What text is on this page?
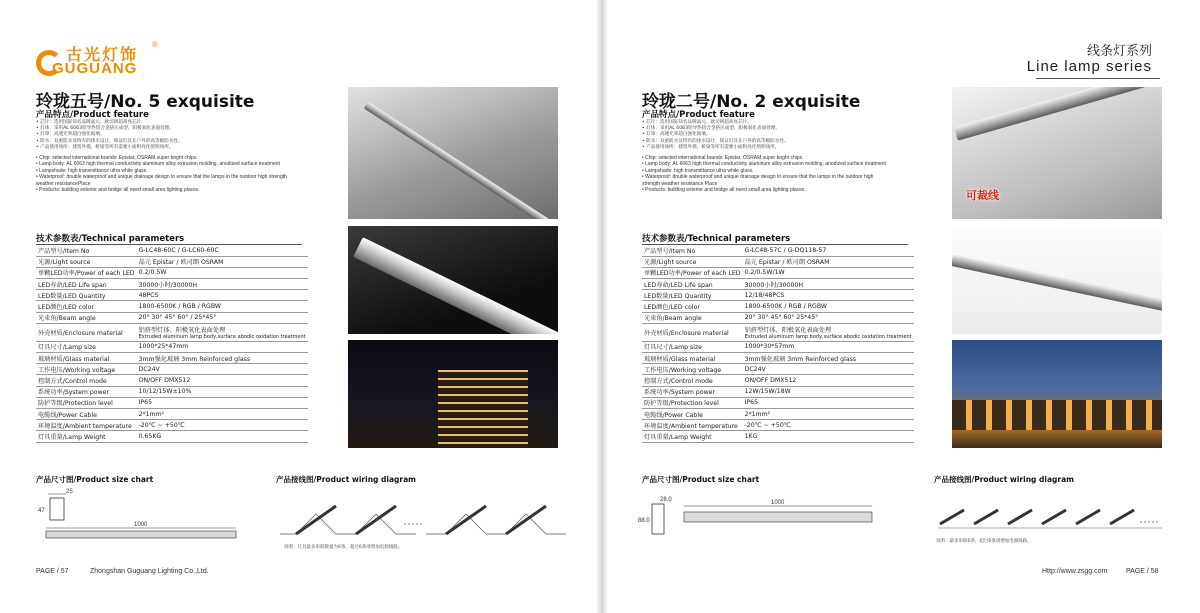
古光灯饰
®
GUGUANG
玲珑五号/No. 5 exquisite
产品特点/Product feature
• 芯片：选用国际知名品牌晶元、欧司朗超高亮芯片。
• 灯体：采用AL 6063铝导热铝合金挤压成型、阳极氧化表面处理。
• 灯罩：高透光率超白强化玻璃。
• 防水：双重防水及特有的排水设计，保证灯具在户外的高等级防水性。
• 产品使用场所：建筑外墙、桥梁等所有需要小面积亮化照明场所。
• Chip: selected international brands: Epistar, OSRAM,super bright chips.
• Lamp body: AL 6063 high thermal conductivity aluminum alloy extrusion molding, anodized surface treatment
• Lampshade: high transmittance ultra white glass.
• Waterproof: double waterproof and unique drainage design to ensure that the lamps in the outdoor high strength
weather resistancePlace
• Products: building exterior and bridge all need small area lighting places.
技术参数表/Technical parameters
产品型号/Item No	G-LC48-60C / G-LC60-60C
光源/Light source	晶元 Epistar / 欧司朗 OSRAM
单颗LED功率/Power of each LED	0.2/0.5W
LED寿命/LED Life span	30000小时/30000H
LED数量/LED Quantity	48PCS
LED颜色/LED color	1800-6500K / RGB / RGBW
光束角/Beam angle	20° 30° 45° 60° / 25*45°
外壳材质/Enclosure material	铝挤型灯体、阳极氧化表面处理
Extruded aluminum lamp body,surface abodic oxidation treatment

灯具尺寸/Lamp size	1000*25*47mm
玻璃材质/Glass material	3mm强化玻璃 3mm Reinforced glass
工作电压/Working voltage	DC24V
控制方式/Control mode	ON/OFF DMX512
系统功率/System power	10/12/15W±10%
防护等级/Protection level	IP65
电缆线/Power Cable	2*1mm²
环境温度/Ambient temperature	-20℃ ~ +50℃
灯具重量/Lamp Weight	0.65KG
产品尺寸图/Product size chart	产品接线图/Product wiring diagram
25
47
1000
说明：灯具最多串联数量为6条，超过6条请增加电源线路。
PAGE / 57	Zhongshan Guguang Lighting Co.,Ltd.
线条灯系列
Line lamp series
玲珑二号/No. 2 exquisite
产品特点/Product feature
• 芯片：选用国际知名品牌晶元、欧司朗超高亮芯片。
• 灯体：采用AL 6063铝导热铝合金挤压成型、阳极氧化表面处理。
• 灯罩：高透光率超白强化玻璃。
• 防水：双重防水及特有的排水设计，保证灯具在户外的高等级防水性。
• 产品使用场所：建筑外墙、桥梁等所有需要小面积亮化照明场所。
• Chip: selected international brands: Epistar, OSRAM,super bright chips.
• Lamp body: AL 6063 high thermal conductivity aluminum alloy extrusion molding, anodized surface treatment
• Lampshade: high transmittance ultra white glass.
• Waterproof: double waterproof and unique drainage design to ensure that the lamps in the outdoor high
strength weather resistance Place
• Products: building exterior and bridge all need small area lighting places.
技术参数表/Technical parameters
产品型号/Item No	G-LC48-57C / G-DQ118-57
光源/Light source	晶元 Epistar / 欧司朗 OSRAM
单颗LED功率/Power of each LED	0.2/0.5W/1W
LED寿命/LED Life span	30000小时/30000H
LED数量/LED Quantity	12/18/48PCS
LED颜色/LED color	1800-6500K / RGB / RGBW
光束角/Beam angle	20° 30° 45° 60° 25*45°
外壳材质/Enclosure material	铝挤型灯体、阳极氧化表面处理
Extruded aluminum lamp body,surface abodic oxidation treatment

灯具尺寸/Lamp size	1000*30*57mm
玻璃材质/Glass material	3mm强化玻璃 3mm Reinforced glass
工作电压/Working voltage	DC24V
控制方式/Control mode	ON/OFF DMX512
系统功率/System power	12W/15W/18W
防护等级/Protection level	IP65
电缆线/Power Cable	2*1mm²
环境温度/Ambient temperature	-20℃ ~ +50℃
灯具重量/Lamp Weight	1KG
可裁线
产品尺寸图/Product size chart	产品接线图/Product wiring diagram
28.0
88.0
1000
说明：最多串联6条，超过6条请增加电源线路。
Http://www.zsgg.com	PAGE / 58
